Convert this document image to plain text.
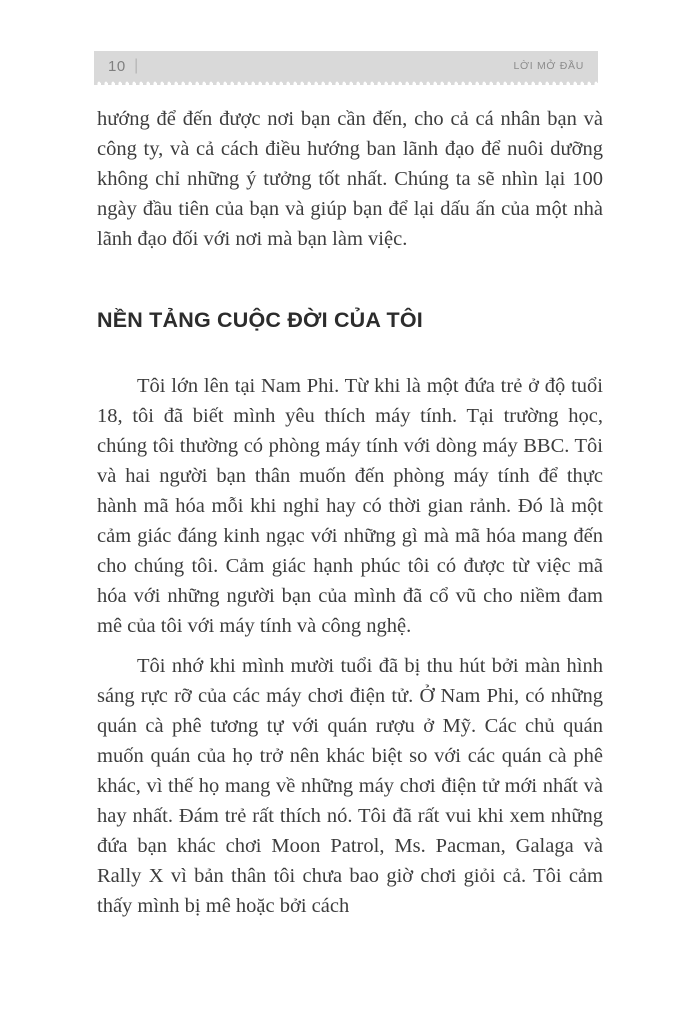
10 |	LỜI MỞ ĐẦU

hướng để đến được nơi bạn cần đến, cho cả cá nhân bạn và công ty, và cả cách điều hướng ban lãnh đạo để nuôi dưỡng không chỉ những ý tưởng tốt nhất. Chúng ta sẽ nhìn lại 100 ngày đầu tiên của bạn và giúp bạn để lại dấu ấn của một nhà lãnh đạo đối với nơi mà bạn làm việc.

NỀN TẢNG CUỘC ĐỜI CỦA TÔI

Tôi lớn lên tại Nam Phi. Từ khi là một đứa trẻ ở độ tuổi 18, tôi đã biết mình yêu thích máy tính. Tại trường học, chúng tôi thường có phòng máy tính với dòng máy BBC. Tôi và hai người bạn thân muốn đến phòng máy tính để thực hành mã hóa mỗi khi nghỉ hay có thời gian rảnh. Đó là một cảm giác đáng kinh ngạc với những gì mà mã hóa mang đến cho chúng tôi. Cảm giác hạnh phúc tôi có được từ việc mã hóa với những người bạn của mình đã cổ vũ cho niềm đam mê của tôi với máy tính và công nghệ.

Tôi nhớ khi mình mười tuổi đã bị thu hút bởi màn hình sáng rực rỡ của các máy chơi điện tử. Ở Nam Phi, có những quán cà phê tương tự với quán rượu ở Mỹ. Các chủ quán muốn quán của họ trở nên khác biệt so với các quán cà phê khác, vì thế họ mang về những máy chơi điện tử mới nhất và hay nhất. Đám trẻ rất thích nó. Tôi đã rất vui khi xem những đứa bạn khác chơi Moon Patrol, Ms. Pacman, Galaga và Rally X vì bản thân tôi chưa bao giờ chơi giỏi cả. Tôi cảm thấy mình bị mê hoặc bởi cách
